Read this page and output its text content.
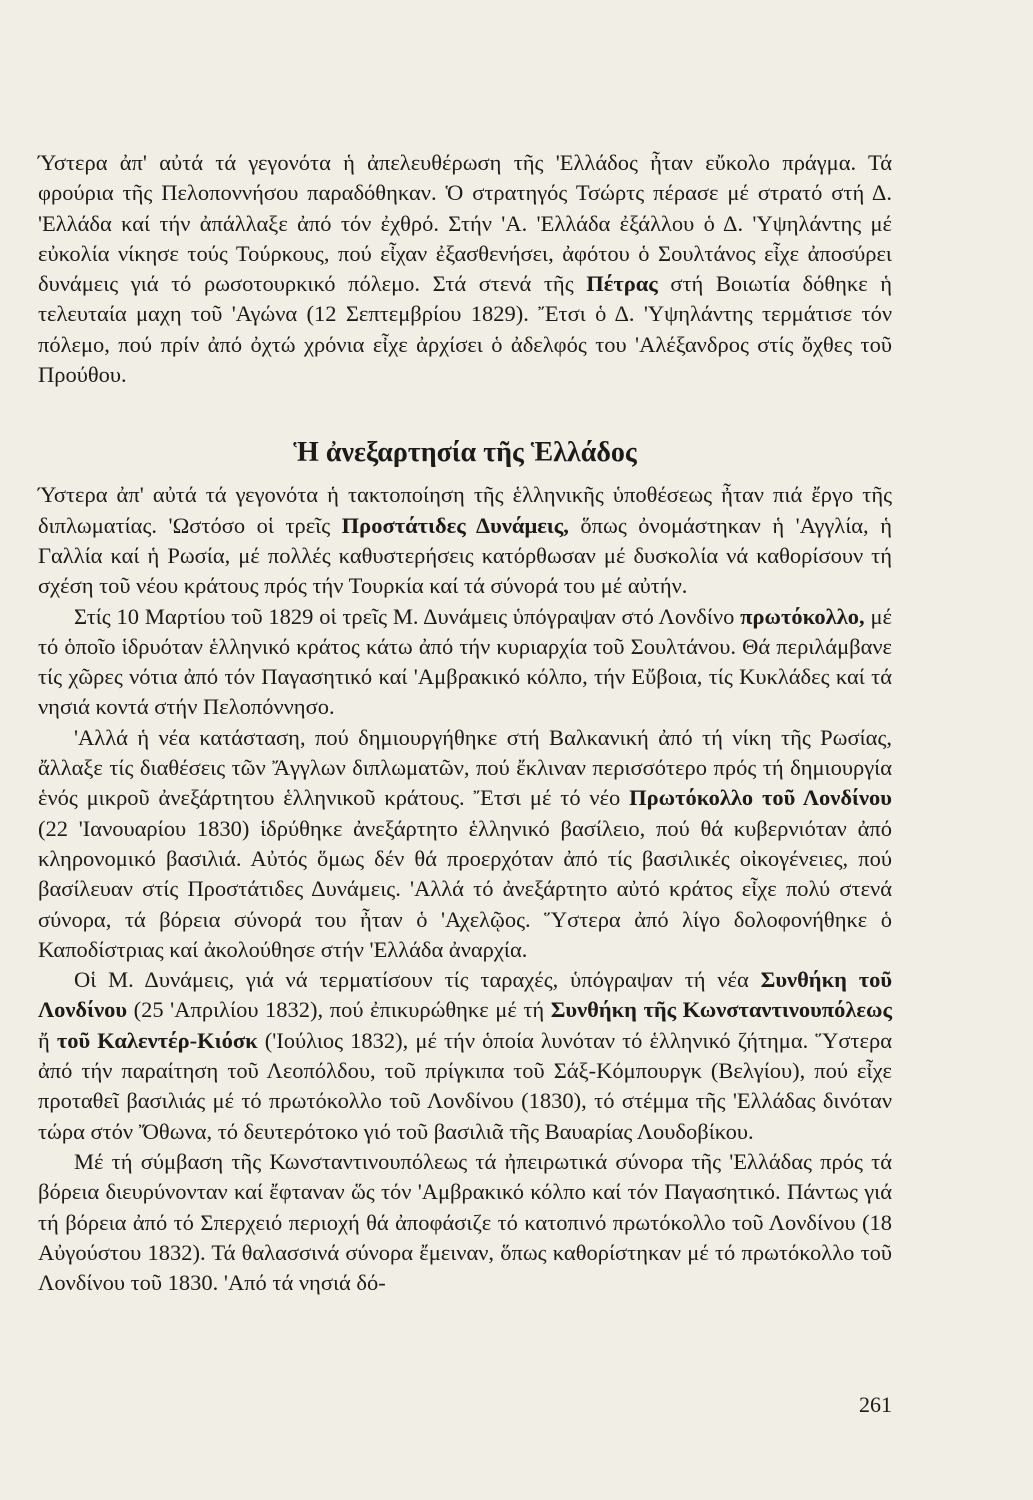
Ύστερα ἀπ' αὐτά τά γεγονότα ἡ ἀπελευθέρωση τῆς 'Ελλάδος ἦταν εὔκολο πράγμα. Τά φρούρια τῆς Πελοποννήσου παραδόθηκαν. Ὁ στρατηγός Τσώρτς πέρασε μέ στρατό στή Δ. 'Ελλάδα καί τήν ἀπάλλαξε ἀπό τόν ἐχθρό. Στήν 'Α. 'Ελλάδα ἐξάλλου ὁ Δ. 'Υψηλάντης μέ εὐκολία νίκησε τούς Τούρκους, πού εἶχαν ἐξασθενήσει, ἀφότου ὁ Σουλτάνος εἶχε ἀποσύρει δυνάμεις γιά τό ρωσοτουρκικό πόλεμο. Στά στενά τῆς Πέτρας στή Βοιωτία δόθηκε ἡ τελευταία μαχη τοῦ 'Αγώνα (12 Σεπτεμβρίου 1829). Ἔτσι ὁ Δ. 'Υψηλάντης τερμάτισε τόν πόλεμο, πού πρίν ἀπό ὀχτώ χρόνια εἶχε ἀρχίσει ὁ ἀδελφός του 'Αλέξανδρος στίς ὄχθες τοῦ Προύθου.

Ἡ ἀνεξαρτησία τῆς Ἑλλάδος

Ύστερα ἀπ' αὐτά τά γεγονότα ἡ τακτοποίηση τῆς ἑλληνικῆς ὑποθέσεως ἦταν πιά ἔργο τῆς διπλωματίας. 'Ωστόσο οἱ τρεῖς Προστάτιδες Δυνάμεις, ὅπως ὀνομάστηκαν ἡ 'Αγγλία, ἡ Γαλλία καί ἡ Ρωσία, μέ πολλές καθυστερήσεις κατόρθωσαν μέ δυσκολία νά καθορίσουν τή σχέση τοῦ νέου κράτους πρός τήν Τουρκία καί τά σύνορά του μέ αὐτήν.

Στίς 10 Μαρτίου τοῦ 1829 οἱ τρεῖς Μ. Δυνάμεις ὑπόγραψαν στό Λονδίνο πρωτόκολλο, μέ τό ὁποῖο ἱδρυόταν ἑλληνικό κράτος κάτω ἀπό τήν κυριαρχία τοῦ Σουλτάνου. Θά περιλάμβανε τίς χῶρες νότια ἀπό τόν Παγασητικό καί 'Αμβρακικό κόλπο, τήν Εὔβοια, τίς Κυκλάδες καί τά νησιά κοντά στήν Πελοπόννησο.

'Αλλά ἡ νέα κατάσταση, πού δημιουργήθηκε στή Βαλκανική ἀπό τή νίκη τῆς Ρωσίας, ἄλλαξε τίς διαθέσεις τῶν Ἄγγλων διπλωματῶν, πού ἔκλιναν περισσότερο πρός τή δημιουργία ἑνός μικροῦ ἀνεξάρτητου ἑλληνικοῦ κράτους. Ἔτσι μέ τό νέο Πρωτόκολλο τοῦ Λονδίνου (22 'Ιανουαρίου 1830) ἱδρύθηκε ἀνεξάρτητο ἑλληνικό βασίλειο, πού θά κυβερνιόταν ἀπό κληρονομικό βασιλιά. Αὐτός ὅμως δέν θά προερχόταν ἀπό τίς βασιλικές οἰκογένειες, πού βασίλευαν στίς Προστάτιδες Δυνάμεις. 'Αλλά τό ἀνεξάρτητο αὐτό κράτος εἶχε πολύ στενά σύνορα, τά βόρεια σύνορά του ἦταν ὁ 'Αχελῷος. Ὕστερα ἀπό λίγο δολοφονήθηκε ὁ Καποδίστριας καί ἀκολούθησε στήν 'Ελλάδα ἀναρχία.

Οἱ Μ. Δυνάμεις, γιά νά τερματίσουν τίς ταραχές, ὑπόγραψαν τή νέα Συνθήκη τοῦ Λονδίνου (25 'Απριλίου 1832), πού ἐπικυρώθηκε μέ τή Συνθήκη τῆς Κωνσταντινουπόλεως ἤ τοῦ Καλεντέρ-Κιόσκ ('Ιούλιος 1832), μέ τήν ὁποία λυνόταν τό ἑλληνικό ζήτημα. Ὕστερα ἀπό τήν παραίτηση τοῦ Λεοπόλδου, τοῦ πρίγκιπα τοῦ Σάξ-Κόμπουργκ (Βελγίου), πού εἶχε προταθεῖ βασιλιάς μέ τό πρωτόκολλο τοῦ Λονδίνου (1830), τό στέμμα τῆς 'Ελλάδας δινόταν τώρα στόν Ὄθωνα, τό δευτερότοκο γιό τοῦ βασιλιᾶ τῆς Βαυαρίας Λουδοβίκου.

Μέ τή σύμβαση τῆς Κωνσταντινουπόλεως τά ἠπειρωτικά σύνορα τῆς 'Ελλάδας πρός τά βόρεια διευρύνονταν καί ἔφταναν ὥς τόν 'Αμβρακικό κόλπο καί τόν Παγασητικό. Πάντως γιά τή βόρεια ἀπό τό Σπερχειό περιοχή θά ἀποφάσιζε τό κατοπινό πρωτόκολλο τοῦ Λονδίνου (18 Αὐγούστου 1832). Τά θαλασσινά σύνορα ἔμειναν, ὅπως καθορίστηκαν μέ τό πρωτόκολλο τοῦ Λονδίνου τοῦ 1830. 'Από τά νησιά δό-

261
